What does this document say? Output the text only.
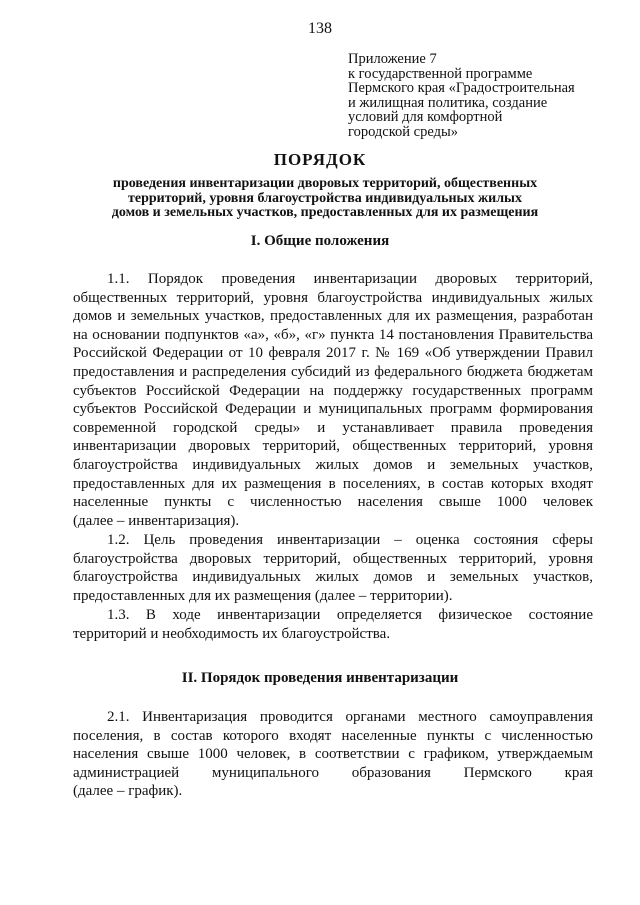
138
Приложение 7
к государственной программе
Пермского края «Градостроительная
и жилищная политика, создание
условий для комфортной
городской среды»
ПОРЯДОК
проведения инвентаризации дворовых территорий, общественных
территорий, уровня благоустройства индивидуальных жилых
домов и земельных участков, предоставленных для их размещения
I. Общие положения
1.1. Порядок проведения инвентаризации дворовых территорий,
общественных территорий, уровня благоустройства индивидуальных жилых
домов и земельных участков, предоставленных для их размещения, разработан
на основании подпунктов «а», «б», «г» пункта 14 постановления Правительства
Российской Федерации от 10 февраля 2017 г. № 169 «Об утверждении Правил
предоставления и распределения субсидий из федерального бюджета бюджетам
субъектов Российской Федерации на поддержку государственных программ
субъектов Российской Федерации и муниципальных программ формирования
современной городской среды» и устанавливает правила проведения
инвентаризации дворовых территорий, общественных территорий, уровня
благоустройства индивидуальных жилых домов и земельных участков,
предоставленных для их размещения в поселениях, в состав которых входят
населенные пункты с численностью населения свыше 1000 человек
(далее – инвентаризация).
1.2. Цель проведения инвентаризации – оценка состояния сферы
благоустройства дворовых территорий, общественных территорий, уровня
благоустройства индивидуальных жилых домов и земельных участков,
предоставленных для их размещения (далее – территории).
1.3. В ходе инвентаризации определяется физическое состояние
территорий и необходимость их благоустройства.
II. Порядок проведения инвентаризации
2.1. Инвентаризация проводится органами местного самоуправления
поселения, в состав которого входят населенные пункты с численностью
населения свыше 1000 человек, в соответствии с графиком, утверждаемым
администрацией муниципального образования Пермского края
(далее – график).
